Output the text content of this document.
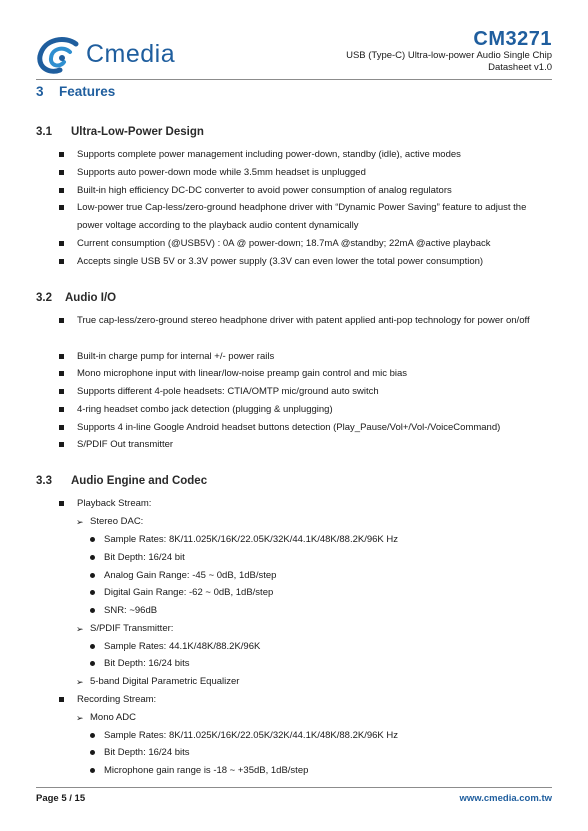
Cmedia
CM3271
USB (Type-C) Ultra-low-power Audio Single Chip
Datasheet v1.0
3 Features
3.1 Ultra-Low-Power Design
Supports complete power management including power-down, standby (idle), active modes
Supports auto power-down mode while 3.5mm headset is unplugged
Built-in high efficiency DC-DC converter to avoid power consumption of analog regulators
Low-power true Cap-less/zero-ground headphone driver with “Dynamic Power Saving” feature to adjust the power voltage according to the playback audio content dynamically
Current consumption (@USB5V) : 0A @ power-down; 18.7mA @standby; 22mA @active playback
Accepts single USB 5V or 3.3V power supply (3.3V can even lower the total power consumption)
3.2 Audio I/O
True cap-less/zero-ground stereo headphone driver with patent applied anti-pop technology for power on/off
Built-in charge pump for internal +/- power rails
Mono microphone input with linear/low-noise preamp gain control and mic bias
Supports different 4-pole headsets: CTIA/OMTP mic/ground auto switch
4-ring headset combo jack detection (plugging & unplugging)
Supports 4 in-line Google Android headset buttons detection (Play_Pause/Vol+/Vol-/VoiceCommand)
S/PDIF Out transmitter
3.3 Audio Engine and Codec
Playback Stream:
➢ Stereo DAC:
Sample Rates: 8K/11.025K/16K/22.05K/32K/44.1K/48K/88.2K/96K Hz
Bit Depth: 16/24 bit
Analog Gain Range: -45 ~ 0dB, 1dB/step
Digital Gain Range: -62 ~ 0dB, 1dB/step
SNR: ~96dB
➢ S/PDIF Transmitter:
Sample Rates: 44.1K/48K/88.2K/96K
Bit Depth: 16/24 bits
➢ 5-band Digital Parametric Equalizer
Recording Stream:
➢ Mono ADC
Sample Rates: 8K/11.025K/16K/22.05K/32K/44.1K/48K/88.2K/96K Hz
Bit Depth: 16/24 bits
Microphone gain range is -18 ~ +35dB, 1dB/step
Page 5 / 15	www.cmedia.com.tw
